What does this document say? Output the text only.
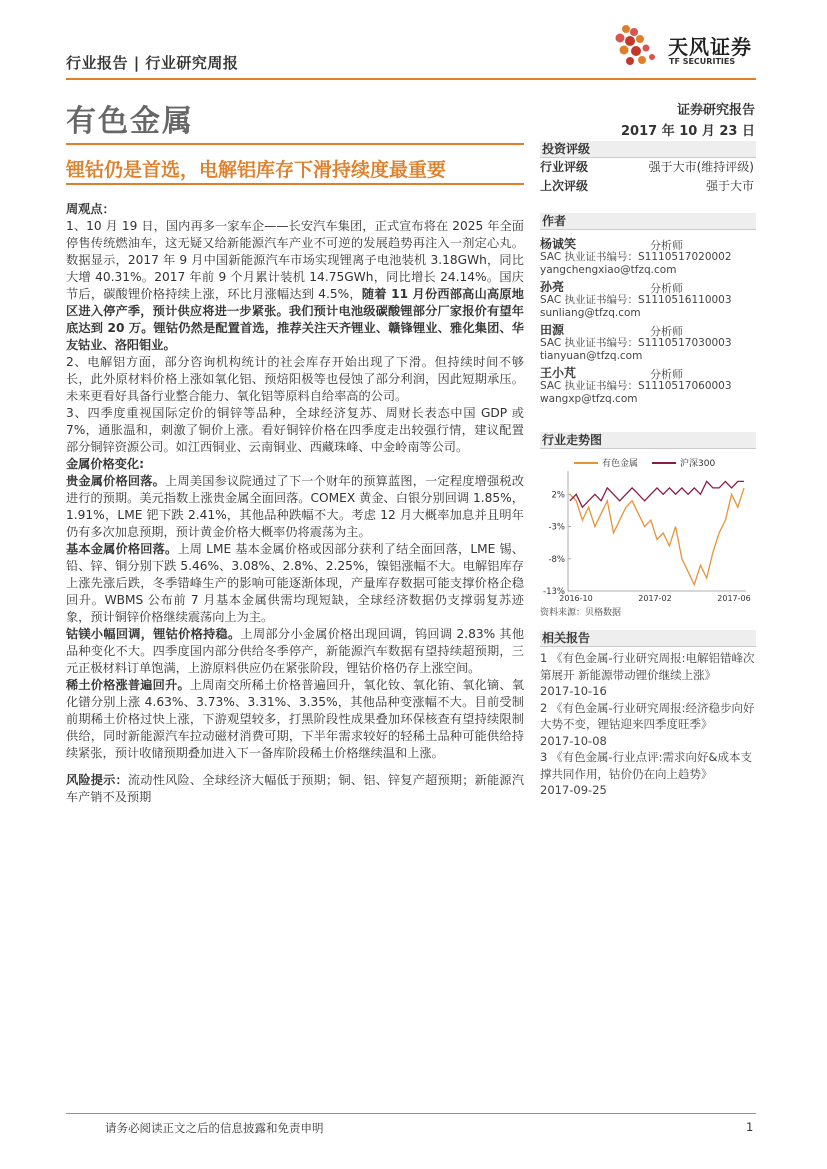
行业报告 | 行业研究周报
天风证券
TF SECURITIES
有色金属	证券研究报告
2017 年 10 月 23 日
锂钴仍是首选，电解铝库存下滑持续度最重要

周观点：

1、10 月 19 日，国内再多一家车企——长安汽车集团，正式宣布将在 2025 年全面停售传统燃油车，这无疑又给新能源汽车产业不可逆的发展趋势再注入一剂定心丸。数据显示，2017 年 9 月中国新能源汽车市场实现锂离子电池装机 3.18GWh，同比大增 40.31%。2017 年前 9 个月累计装机 14.75GWh，同比增长 24.14%。国庆节后，碳酸锂价格持续上涨，环比月涨幅达到 4.5%，随着 11 月份西部高山高原地区进入停产季，预计供应将进一步紧张。我们预计电池级碳酸锂部分厂家报价有望年底达到 20 万。锂钴仍然是配置首选，推荐关注天齐锂业、赣锋锂业、雅化集团、华友钴业、洛阳钼业。

2、电解铝方面，部分咨询机构统计的社会库存开始出现了下滑。但持续时间不够长，此外原材料价格上涨如氧化铝、预焙阳极等也侵蚀了部分利润，因此短期承压。未来更看好具备行业整合能力、氧化铝等原料自给率高的公司。

3、四季度重视国际定价的铜锌等品种，全球经济复苏、周财长表态中国 GDP 或 7%，通胀温和，刺激了铜价上涨。看好铜锌价格在四季度走出较强行情，建议配置部分铜锌资源公司。如江西铜业、云南铜业、西藏珠峰、中金岭南等公司。

金属价格变化:

贵金属价格回落。上周美国参议院通过了下一个财年的预算蓝图，一定程度增强税改进行的预期。美元指数上涨贵金属全面回落。COMEX 黄金、白银分别回调 1.85%，1.91%，LME 钯下跌 2.41%，其他品种跌幅不大。考虑 12 月大概率加息并且明年仍有多次加息预期，预计黄金价格大概率仍将震荡为主。

基本金属价格回落。上周 LME 基本金属价格或因部分获利了结全面回落，LME 锡、铅、锌、铜分别下跌 5.46%、3.08%、2.8%、2.25%，镍铝涨幅不大。电解铝库存上涨先涨后跌，冬季错峰生产的影响可能逐渐体现，产量库存数据可能支撑价格企稳回升。WBMS 公布前 7 月基本金属供需均现短缺，全球经济数据仍支撑弱复苏迹象，预计铜锌价格继续震荡向上为主。

钴镁小幅回调，锂钴价格持稳。上周部分小金属价格出现回调，钨回调 2.83% 其他品种变化不大。四季度国内部分供给冬季停产，新能源汽车数据有望持续超预期，三元正极材料订单饱满，上游原料供应仍在紧张阶段，锂钴价格仍存上涨空间。

稀土价格涨普遍回升。上周南交所稀土价格普遍回升，氧化钕、氧化铕、氧化镝、氧化镨分别上涨 4.63%、3.73%、3.31%、3.35%，其他品种变涨幅不大。目前受制前期稀土价格过快上涨，下游观望较多，打黑阶段性成果叠加环保核查有望持续限制供给，同时新能源汽车拉动磁材消费可期，下半年需求较好的轻稀土品种可能供给持续紧张，预计收储预期叠加进入下一备库阶段稀土价格继续温和上涨。

风险提示：流动性风险、全球经济大幅低于预期；铜、铝、锌复产超预期；新能源汽车产销不及预期

投资评级
行业评级	强于大市(维持评级)
上次评级	强于大市
作者
杨诚笑	分析师
SAC 执业证书编号：S1110517020002
yangchengxiao@tfzq.com
孙亮	分析师
SAC 执业证书编号：S1110516110003
sunliang@tfzq.com
田源	分析师
SAC 执业证书编号：S1110517030003
tianyuan@tfzq.com
王小芃	分析师
SAC 执业证书编号：S1110517060003
wangxp@tfzq.com
行业走势图
有色金属	沪深300
2%
-3%
-8%
-13%
2016-10	2017-02	2017-06
资料来源：贝格数据
相关报告
1 《有色金属-行业研究周报:电解铝错峰次第展开 新能源带动锂价继续上涨》
2017-10-16
2 《有色金属-行业研究周报:经济稳步向好大势不变，锂钴迎来四季度旺季》
2017-10-08
3 《有色金属-行业点评:需求向好&成本支撑共同作用，钴价仍在向上趋势》
2017-09-25
请务必阅读正文之后的信息披露和免责申明	1
